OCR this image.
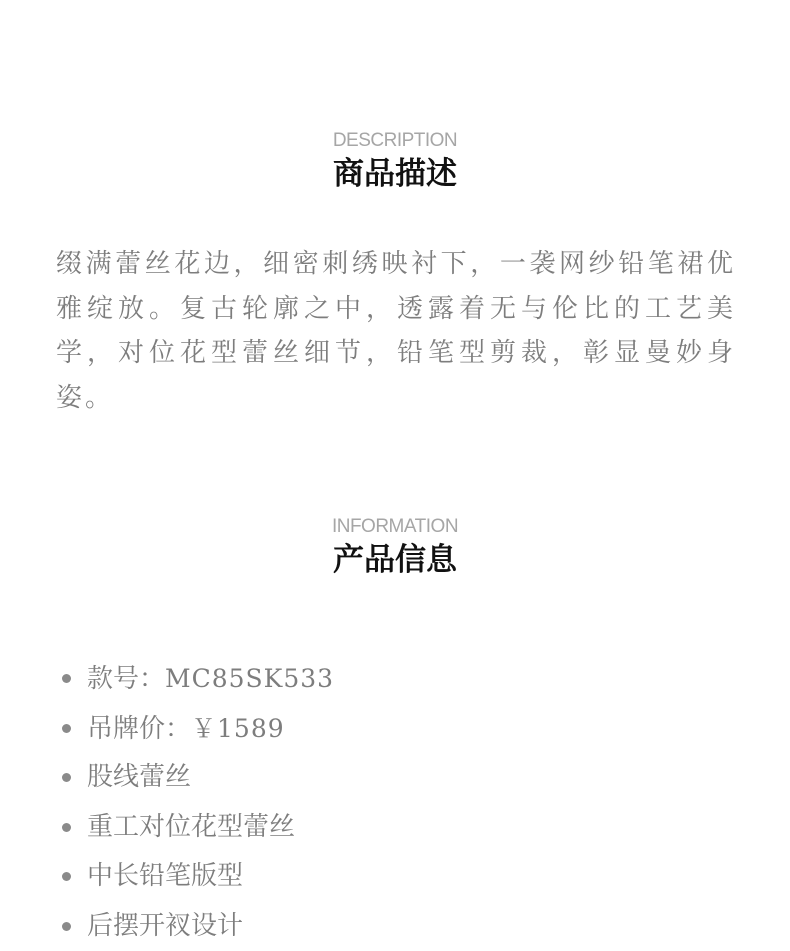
DESCRIPTION
商品描述

缀满蕾丝花边，细密刺绣映衬下，一袭网纱铅笔裙优雅绽放。复古轮廓之中，透露着无与伦比的工艺美学，对位花型蕾丝细节，铅笔型剪裁，彰显曼妙身姿。

INFORMATION
产品信息
款号：MC85SK533
吊牌价：￥1589
股线蕾丝
重工对位花型蕾丝
中长铅笔版型
后摆开衩设计
